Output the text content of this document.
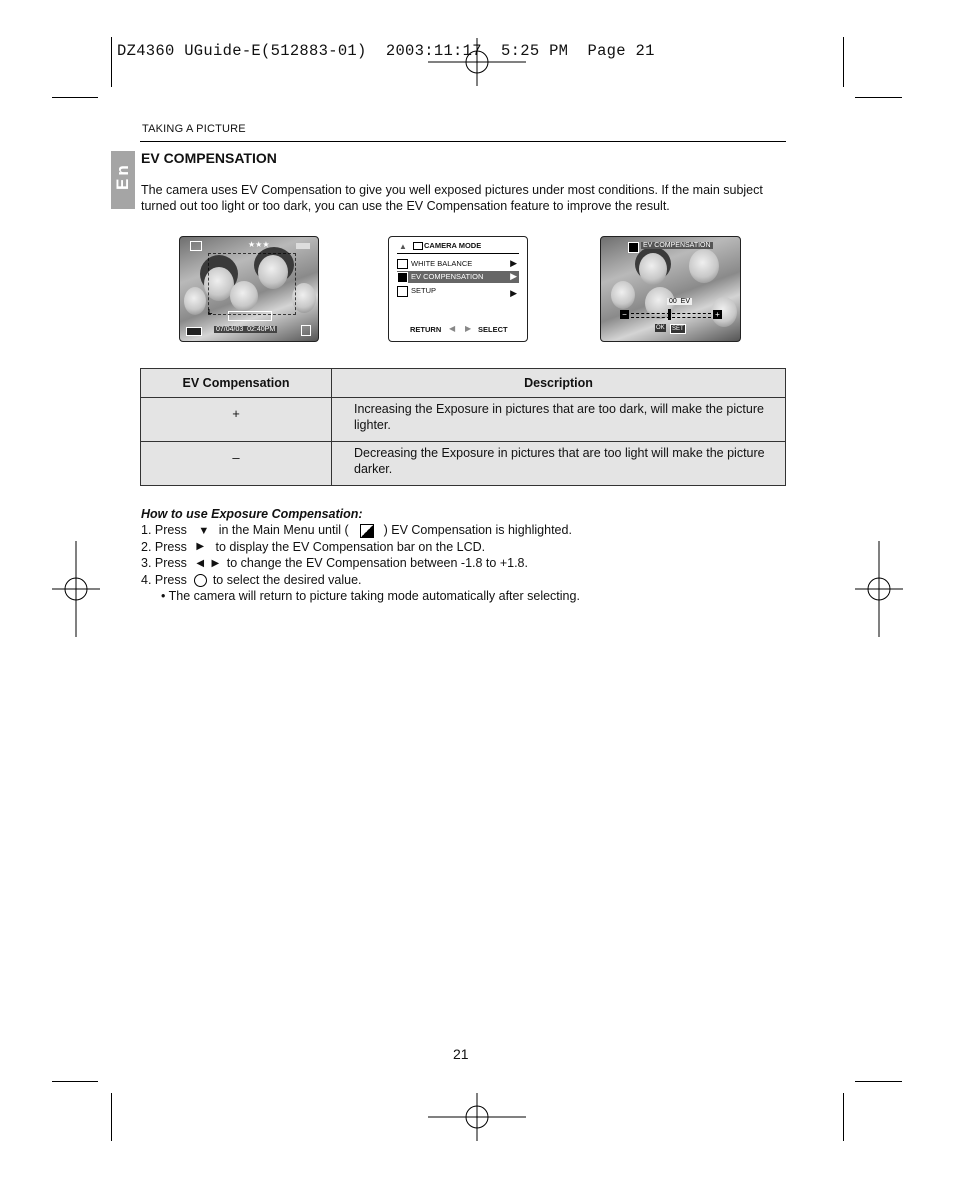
DZ4360 UGuide-E(512883-01)  2003:11:17  5:25 PM  Page 21
TAKING A PICTURE
En
EV COMPENSATION
The camera uses EV Compensation to give you well exposed pictures under most conditions. If the main subject turned out too light or too dark, you can use the EV Compensation feature to improve the result.
★★★
L
07/04/03  02:40PM
▲ CAMERA MODE
WHITE BALANCE	▶
EV COMPENSATION	▶
SETUP	▶
RETURN ◀ ▶ SELECT
EV COMPENSATION
00  EV
−	+
OK	SET
EV Compensation	Description
+	Increasing the Exposure in pictures that are too dark, will make the picture lighter.
–	Decreasing the Exposure in pictures that are too light will make the picture darker.
How to use Exposure Compensation:
1. Press ▼ in the Main Menu until (	) EV Compensation is highlighted.
2. Press ▶ to display the EV Compensation bar on the LCD.
3. Press ◀ ▶ to change the EV Compensation between -1.8 to +1.8.
4. Press to select the desired value.
• The camera will return to picture taking mode automatically after selecting.
21
